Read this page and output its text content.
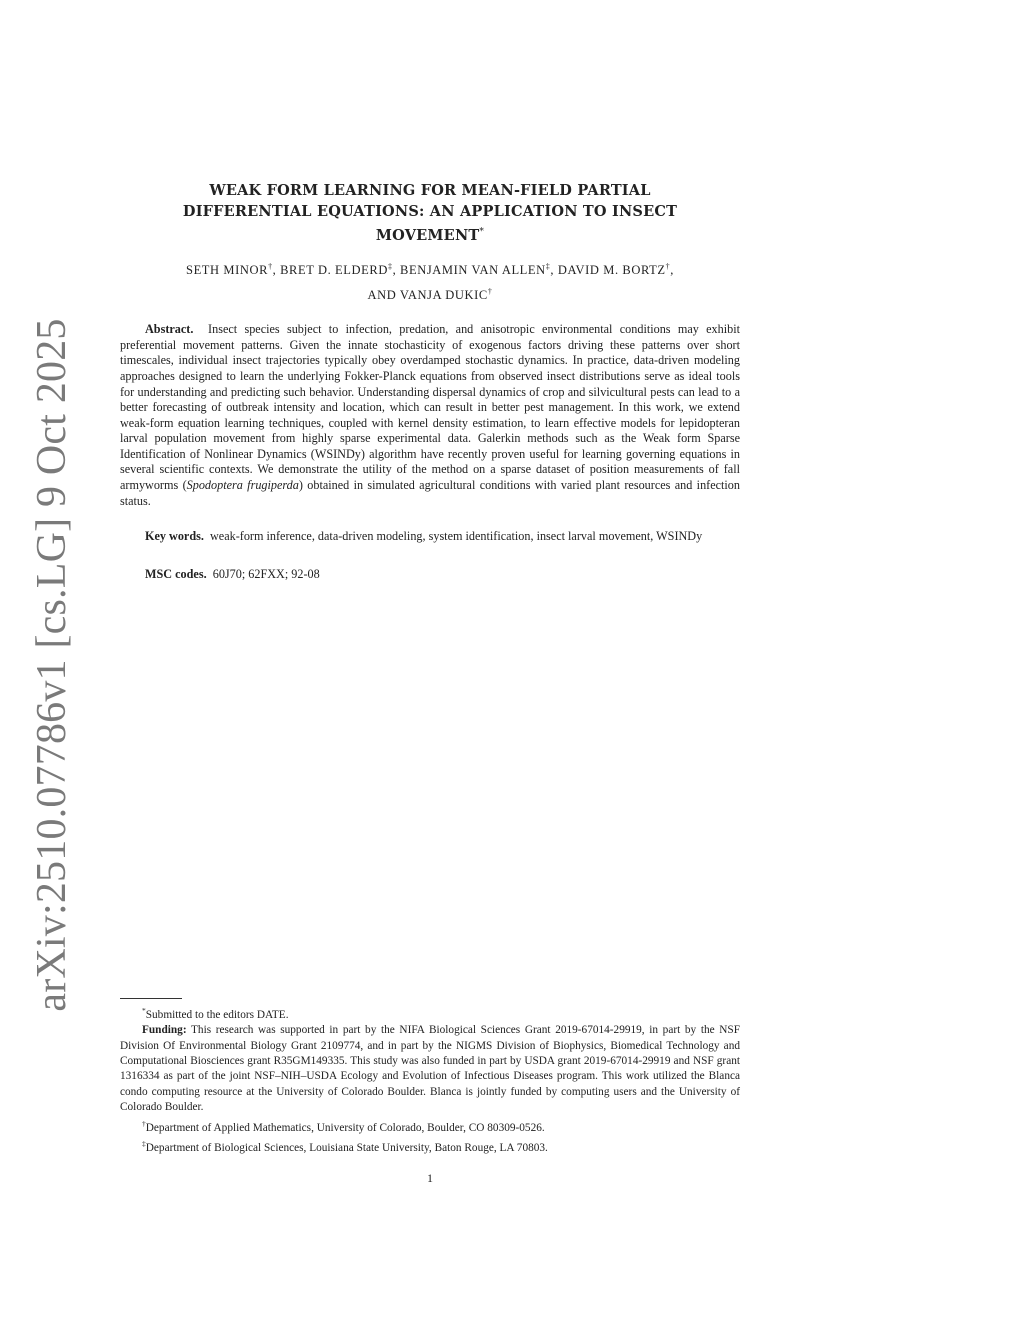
arXiv:2510.07786v1 [cs.LG] 9 Oct 2025
WEAK FORM LEARNING FOR MEAN-FIELD PARTIAL
DIFFERENTIAL EQUATIONS: AN APPLICATION TO INSECT
MOVEMENT*
SETH MINOR†, BRET D. ELDERD‡, BENJAMIN VAN ALLEN‡, DAVID M. BORTZ†,
AND VANJA DUKIC†

Abstract. Insect species subject to infection, predation, and anisotropic environmental conditions may exhibit preferential movement patterns. Given the innate stochasticity of exogenous factors driving these patterns over short timescales, individual insect trajectories typically obey overdamped stochastic dynamics. In practice, data-driven modeling approaches designed to learn the underlying Fokker-Planck equations from observed insect distributions serve as ideal tools for understanding and predicting such behavior. Understanding dispersal dynamics of crop and silvicultural pests can lead to a better forecasting of outbreak intensity and location, which can result in better pest management. In this work, we extend weak-form equation learning techniques, coupled with kernel density estimation, to learn effective models for lepidopteran larval population movement from highly sparse experimental data. Galerkin methods such as the Weak form Sparse Identification of Nonlinear Dynamics (WSINDy) algorithm have recently proven useful for learning governing equations in several scientific contexts. We demonstrate the utility of the method on a sparse dataset of position measurements of fall armyworms (Spodoptera frugiperda) obtained in simulated agricultural conditions with varied plant resources and infection status.

Key words. weak-form inference, data-driven modeling, system identification, insect larval movement, WSINDy

MSC codes. 60J70; 62FXX; 92-08

*Submitted to the editors DATE.

Funding: This research was supported in part by the NIFA Biological Sciences Grant 2019-67014-29919, in part by the NSF Division Of Environmental Biology Grant 2109774, and in part by the NIGMS Division of Biophysics, Biomedical Technology and Computational Biosciences grant R35GM149335. This study was also funded in part by USDA grant 2019-67014-29919 and NSF grant 1316334 as part of the joint NSF–NIH–USDA Ecology and Evolution of Infectious Diseases program. This work utilized the Blanca condo computing resource at the University of Colorado Boulder. Blanca is jointly funded by computing users and the University of Colorado Boulder.

†Department of Applied Mathematics, University of Colorado, Boulder, CO 80309-0526.

‡Department of Biological Sciences, Louisiana State University, Baton Rouge, LA 70803.

1
